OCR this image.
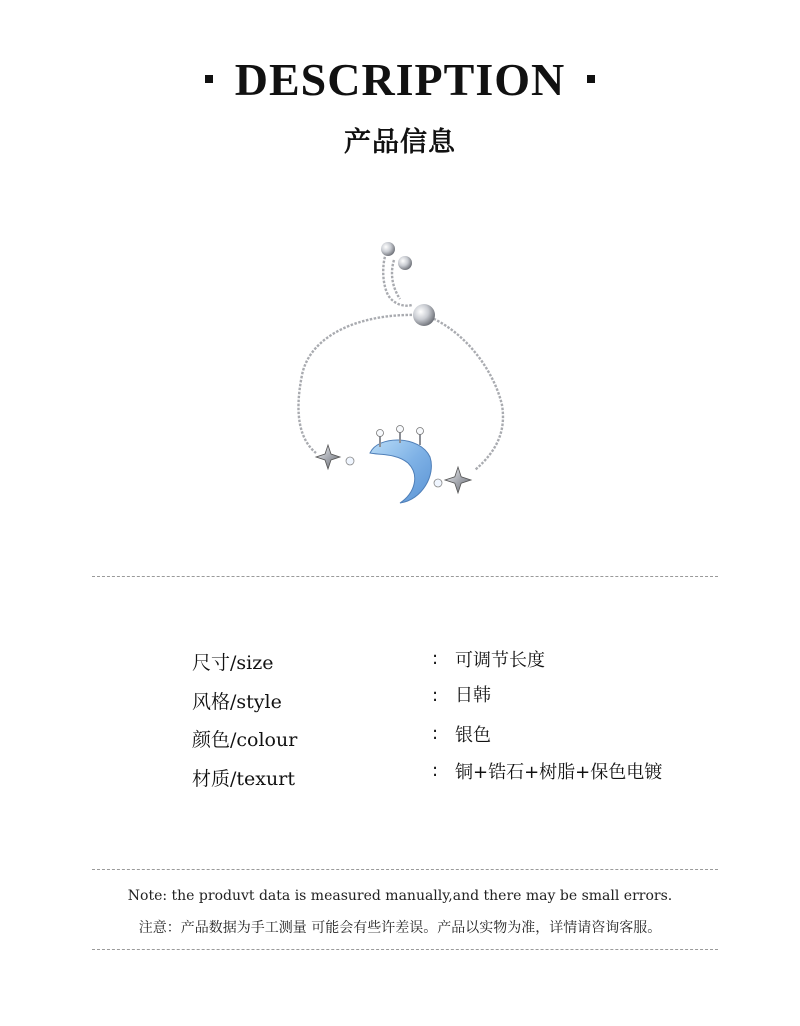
DESCRIPTION
产品信息
尺寸/size	: 可调节长度
风格/style	: 日韩
颜色/colour	: 银色
材质/texurt	: 铜+锆石+树脂+保色电镀
Note: the produvt data is measured manually,and there may be small errors.
注意：产品数据为手工测量 可能会有些许差误。产品以实物为准，详情请咨询客服。
